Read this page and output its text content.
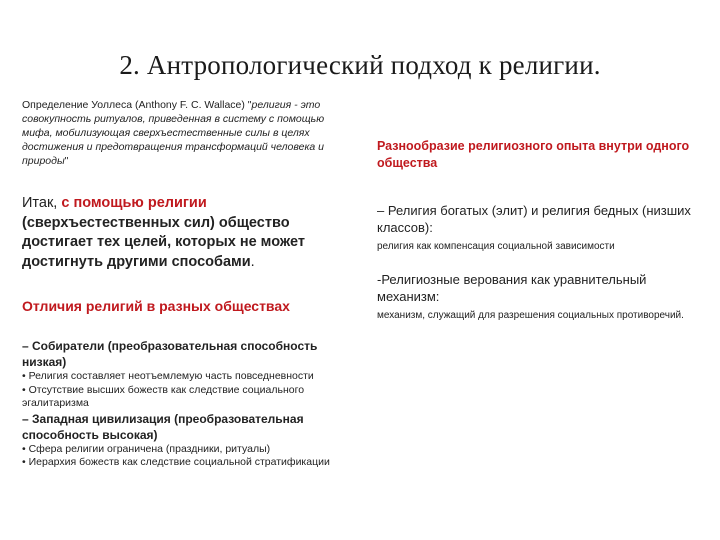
2. Антропологический подход к религии.

Определение Уоллеса (Anthony F. C. Wallace) "религия - это совокупность ритуалов, приведенная в систему с помощью мифа, мобилизующая сверхъестественные силы в целях достижения и предотвращения трансформаций человека и природы"

Итак, с помощью религии (сверхъестественных сил) общество достигает тех целей, которых не может достигнуть другими способами.

Отличия религий в разных обществах

– Собиратели (преобразовательная способность низкая)

• Религия составляет неотъемлемую часть повседневности

• Отсутствие высших божеств как следствие социального эгалитаризма

– Западная цивилизация (преобразовательная способность высокая)

• Сфера религии ограничена (праздники, ритуалы)

• Иерархия божеств как следствие социальной стратификации

Разнообразие религиозного опыта внутри одного общества

– Религия богатых (элит) и религия бедных (низших классов):

религия как компенсация социальной зависимости

-Религиозные верования как уравнительный механизм:

механизм, служащий для разрешения социальных противоречий.
